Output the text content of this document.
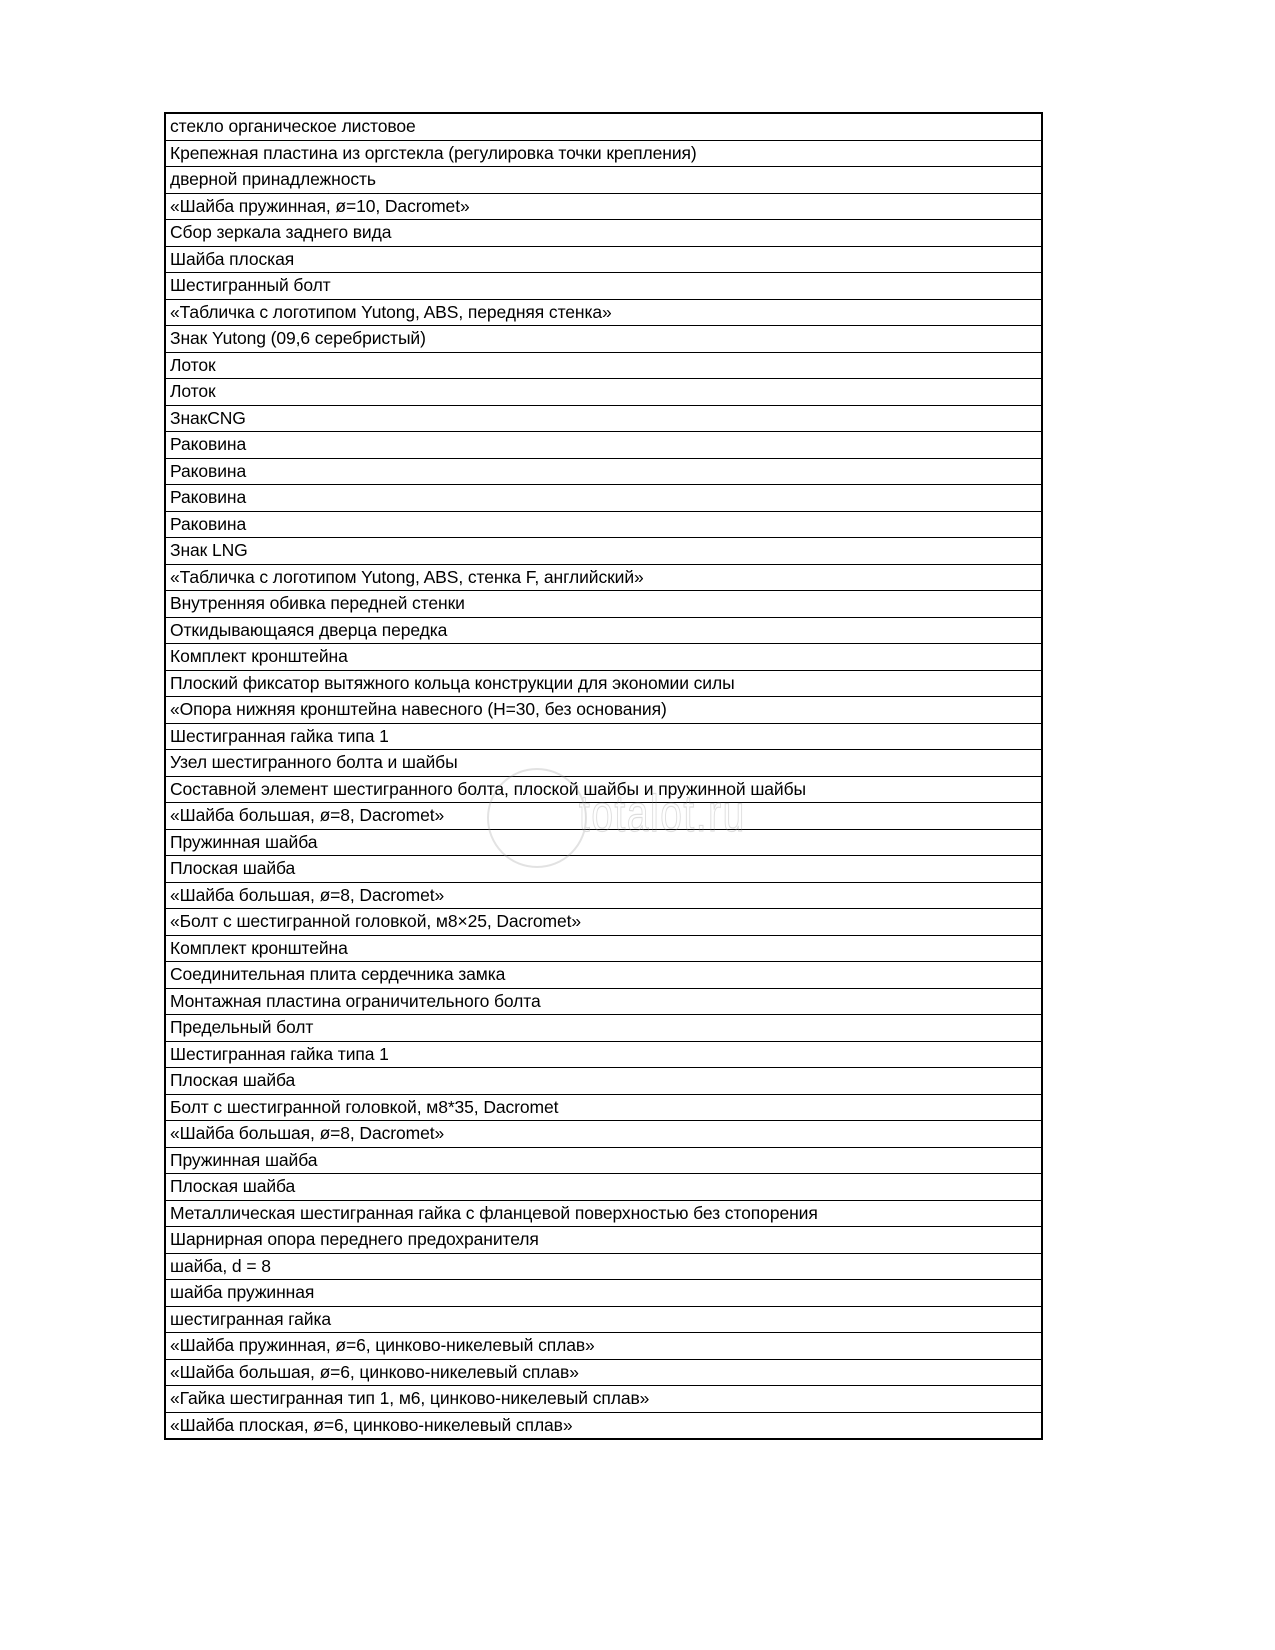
стекло органическое листовое
Крепежная пластина из оргстекла (регулировка точки крепления)
дверной принадлежность
«Шайба пружинная, ø=10, Dacromet»
Сбор зеркала заднего вида
Шайба плоская
Шестигранный болт
«Табличка с логотипом Yutong, ABS, передняя стенка»
Знак Yutong (09,6 серебристый)
Лоток
Лоток
ЗнакCNG
Раковина
Раковина
Раковина
Раковина
Знак LNG
«Табличка с логотипом Yutong, ABS, стенка F, английский»
Внутренняя обивка передней стенки
Откидывающаяся дверца передка
Комплект кронштейна
Плоский фиксатор вытяжного кольца конструкции для экономии силы
«Опора нижняя кронштейна навесного (H=30, без основания)
Шестигранная гайка типа 1
Узел шестигранного болта и шайбы
Составной элемент шестигранного болта, плоской шайбы и пружинной шайбы
«Шайба большая, ø=8, Dacromet»
Пружинная шайба
Плоская шайба
«Шайба большая, ø=8, Dacromet»
«Болт с шестигранной головкой, м8×25, Dacromet»
Комплект кронштейна
Соединительная плита сердечника замка
Монтажная пластина ограничительного болта
Предельный болт
Шестигранная гайка типа 1
Плоская шайба
Болт с шестигранной головкой, м8*35, Dacromet
«Шайба большая, ø=8, Dacromet»
Пружинная шайба
Плоская шайба
Металлическая шестигранная гайка с фланцевой поверхностью без стопорения
Шарнирная опора переднего предохранителя
шайба, d = 8
шайба пружинная
шестигранная гайка
«Шайба пружинная, ø=6, цинково-никелевый сплав»
«Шайба большая, ø=6, цинково-никелевый сплав»
«Гайка шестигранная тип 1, м6, цинково-никелевый сплав»
«Шайба плоская, ø=6, цинково-никелевый сплав»
totalot.ru
